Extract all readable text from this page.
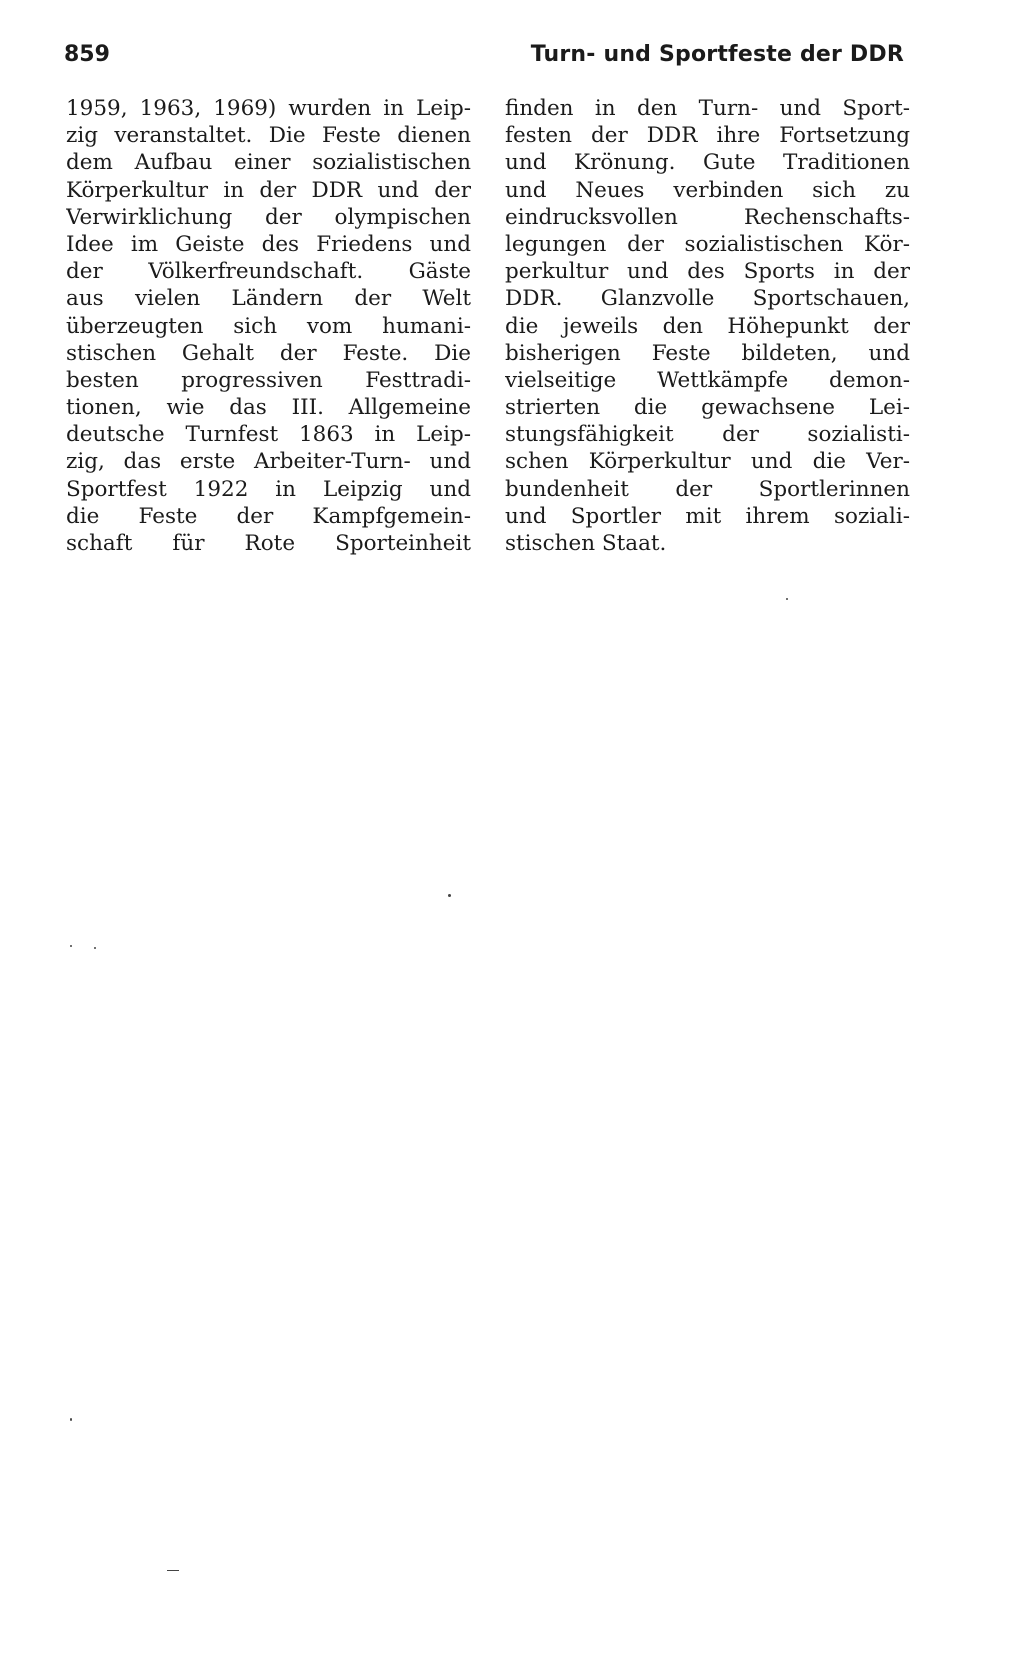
859	Turn- und Sportfeste der DDR
1959, 1963, 1969) wurden in Leip-
zig veranstaltet. Die Feste dienen
dem Aufbau einer sozialistischen
Körperkultur in der DDR und der
Verwirklichung der olympischen
Idee im Geiste des Friedens und
der Völkerfreundschaft. Gäste
aus vielen Ländern der Welt
überzeugten sich vom humani-
stischen Gehalt der Feste. Die
besten progressiven Festtradi-
tionen, wie das III. Allgemeine
deutsche Turnfest 1863 in Leip-
zig, das erste Arbeiter-Turn- und
Sportfest 1922 in Leipzig und
die Feste der Kampfgemein-
schaft für Rote Sporteinheit
finden in den Turn- und Sport-
festen der DDR ihre Fortsetzung
und Krönung. Gute Traditionen
und Neues verbinden sich zu
eindrucksvollen Rechenschafts-
legungen der sozialistischen Kör-
perkultur und des Sports in der
DDR. Glanzvolle Sportschauen,
die jeweils den Höhepunkt der
bisherigen Feste bildeten, und
vielseitige Wettkämpfe demon-
strierten die gewachsene Lei-
stungsfähigkeit der sozialisti-
schen Körperkultur und die Ver-
bundenheit der Sportlerinnen
und Sportler mit ihrem soziali-
stischen Staat.
